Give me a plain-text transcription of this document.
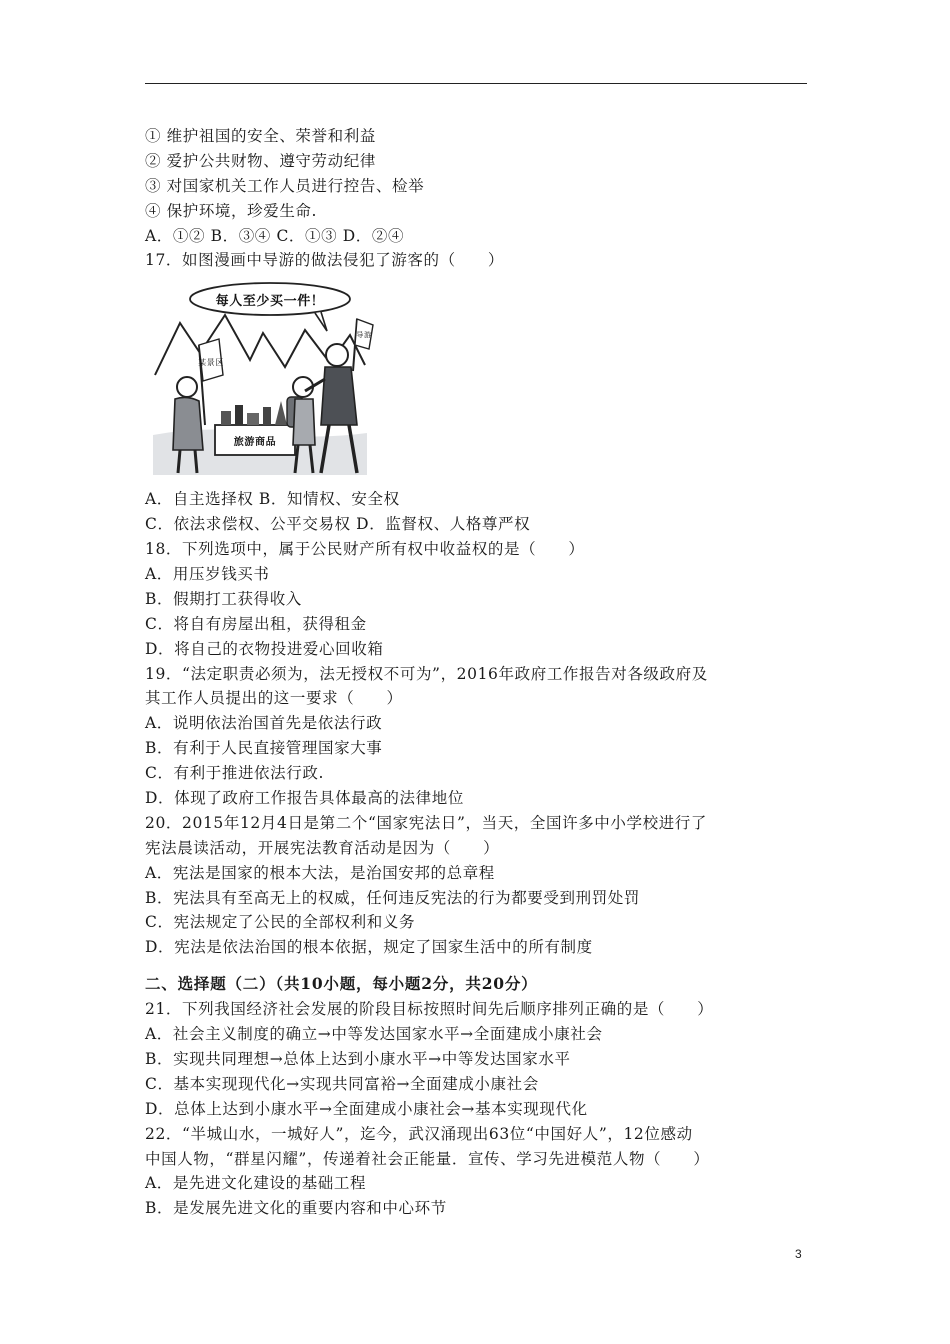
① 维护祖国的安全、荣誉和利益
② 爱护公共财物、遵守劳动纪律
③ 对国家机关工作人员进行控告、检举
④ 保护环境，珍爱生命.
A．①② B．③④ C．①③ D．②④
17．如图漫画中导游的做法侵犯了游客的（　　）
每人至少买一件！
某景区
旅游商品
导游
A．自主选择权 B．知情权、安全权
C．依法求偿权、公平交易权 D．监督权、人格尊严权
18．下列选项中，属于公民财产所有权中收益权的是（　　）
A．用压岁钱买书
B．假期打工获得收入
C．将自有房屋出租，获得租金
D．将自己的衣物投进爱心回收箱
19．“法定职责必须为，法无授权不可为”，2016年政府工作报告对各级政府及
其工作人员提出的这一要求（　　）
A．说明依法治国首先是依法行政
B．有利于人民直接管理国家大事
C．有利于推进依法行政.
D．体现了政府工作报告具体最高的法律地位
20．2015年12月4日是第二个“国家宪法日”，当天，全国许多中小学校进行了
宪法晨读活动，开展宪法教育活动是因为（　　）
A．宪法是国家的根本大法，是治国安邦的总章程
B．宪法具有至高无上的权威，任何违反宪法的行为都要受到刑罚处罚
C．宪法规定了公民的全部权利和义务
D．宪法是依法治国的根本依据，规定了国家生活中的所有制度
二、选择题（二）（共10小题，每小题2分，共20分）
21．下列我国经济社会发展的阶段目标按照时间先后顺序排列正确的是（　　）
A．社会主义制度的确立→中等发达国家水平→全面建成小康社会
B．实现共同理想→总体上达到小康水平→中等发达国家水平
C．基本实现现代化→实现共同富裕→全面建成小康社会
D．总体上达到小康水平→全面建成小康社会→基本实现现代化
22．“半城山水，一城好人”，迄今，武汉涌现出63位“中国好人”，12位感动
中国人物，“群星闪耀”，传递着社会正能量．宣传、学习先进模范人物（　　）
A．是先进文化建设的基础工程
B．是发展先进文化的重要内容和中心环节
3
